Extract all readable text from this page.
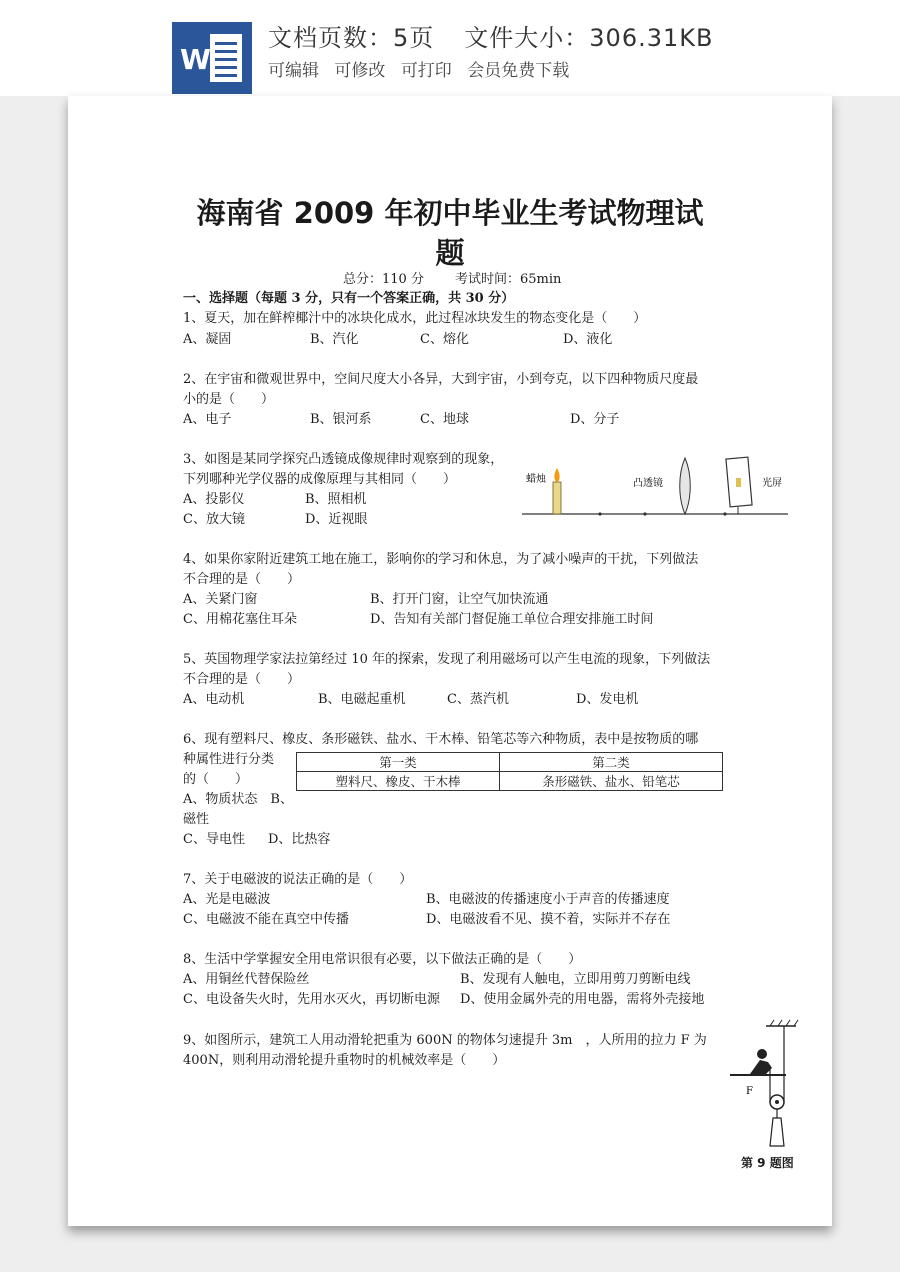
W
文档页数：5页 文件大小：306.31KB
可编辑 可修改 可打印 会员免费下载
海南省 2009 年初中毕业生考试物理试
题
总分：110 分 考试时间：65min
一、选择题（每题 3 分，只有一个答案正确，共 30 分）
1、夏天，加在鲜榨椰汁中的冰块化成水，此过程冰块发生的物态变化是（　　）
A、凝固	B、汽化	C、熔化	D、液化
2、在宇宙和微观世界中，空间尺度大小各异，大到宇宙，小到夸克，以下四种物质尺度最
小的是（　　）
A、电子	B、银河系	C、地球	D、分子
3、如图是某同学探究凸透镜成像规律时观察到的现象，
下列哪种光学仪器的成像原理与其相同（　　）
A、投影仪	B、照相机
C、放大镜	D、近视眼
蜡烛	凸透镜	光屏
4、如果你家附近建筑工地在施工，影响你的学习和休息，为了减小噪声的干扰，下列做法
不合理的是（　　）
A、关紧门窗	B、打开门窗，让空气加快流通
C、用棉花塞住耳朵	D、告知有关部门督促施工单位合理安排施工时间
5、英国物理学家法拉第经过 10 年的探索，发现了利用磁场可以产生电流的现象，下列做法
不合理的是（　　）
A、电动机	B、电磁起重机	C、蒸汽机	D、发电机
6、现有塑料尺、橡皮、条形磁铁、盐水、干木棒、铅笔芯等六种物质，表中是按物质的哪
种属性进行分类
的（　　）
A、物质状态　B、
磁性
C、导电性 D、比热容
第一类	第二类
塑料尺、橡皮、干木棒	条形磁铁、盐水、铅笔芯
7、关于电磁波的说法正确的是（　　）
A、光是电磁波	B、电磁波的传播速度小于声音的传播速度
C、电磁波不能在真空中传播	D、电磁波看不见、摸不着，实际并不存在
8、生活中学掌握安全用电常识很有必要，以下做法正确的是（　　）
A、用铜丝代替保险丝	B、发现有人触电，立即用剪刀剪断电线
C、电设备失火时，先用水灭火，再切断电源 D、使用金属外壳的用电器，需将外壳接地
9、如图所示，建筑工人用动滑轮把重为 600N 的物体匀速提升 3m　，人所用的拉力 F 为
400N，则利用动滑轮提升重物时的机械效率是（　　）
F
第 9 题图
